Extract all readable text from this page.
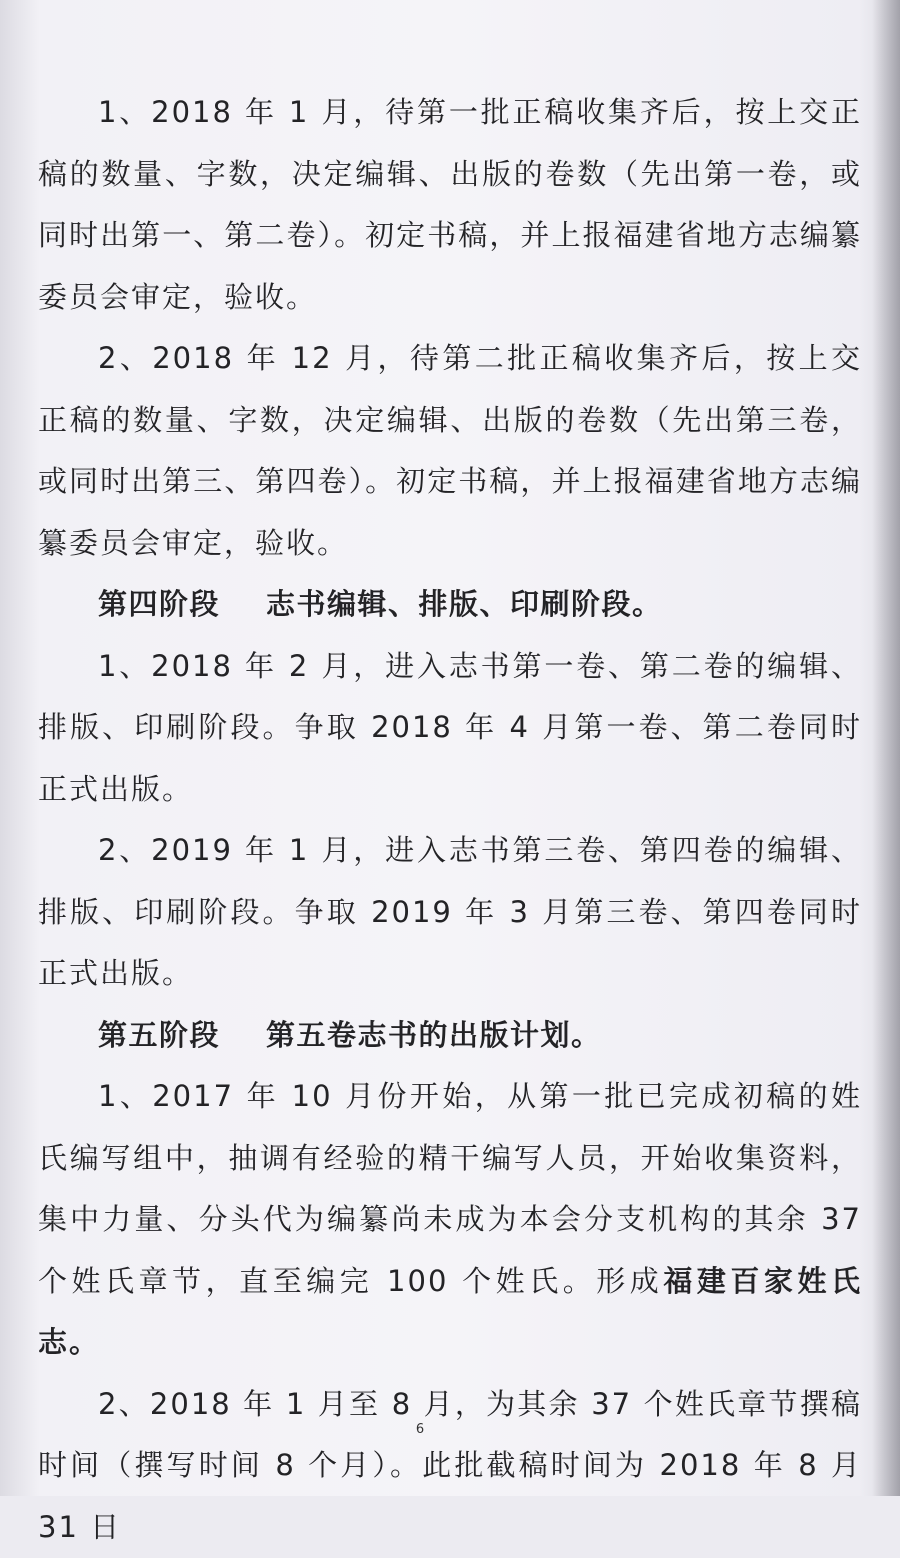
1、2018 年 1 月，待第一批正稿收集齐后，按上交正稿的数量、字数，决定编辑、出版的卷数（先出第一卷，或同时出第一、第二卷）。初定书稿，并上报福建省地方志编纂委员会审定，验收。

2、2018 年 12 月，待第二批正稿收集齐后，按上交正稿的数量、字数，决定编辑、出版的卷数（先出第三卷，或同时出第三、第四卷）。初定书稿，并上报福建省地方志编纂委员会审定，验收。

第四阶段 志书编辑、排版、印刷阶段。

1、2018 年 2 月，进入志书第一卷、第二卷的编辑、排版、印刷阶段。争取 2018 年 4 月第一卷、第二卷同时正式出版。

2、2019 年 1 月，进入志书第三卷、第四卷的编辑、排版、印刷阶段。争取 2019 年 3 月第三卷、第四卷同时正式出版。

第五阶段 第五卷志书的出版计划。

1、2017 年 10 月份开始，从第一批已完成初稿的姓氏编写组中，抽调有经验的精干编写人员，开始收集资料，集中力量、分头代为编纂尚未成为本会分支机构的其余 37 个姓氏章节，直至编完 100 个姓氏。形成福建百家姓氏志。

2、2018 年 1 月至 8 月，为其余 37 个姓氏章节撰稿时间（撰写时间 8 个月）。此批截稿时间为 2018 年 8 月 31 日

6
